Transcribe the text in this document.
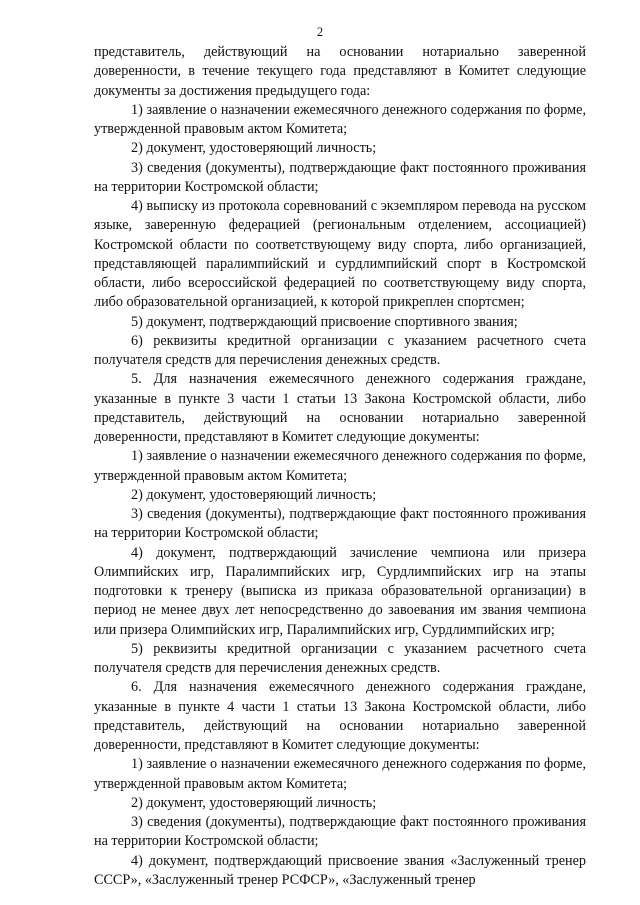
2

представитель, действующий на основании нотариально заверенной доверенности, в течение текущего года представляют в Комитет следующие документы за достижения предыдущего года:

1) заявление о назначении ежемесячного денежного содержания по форме, утвержденной правовым актом Комитета;

2) документ, удостоверяющий личность;

3) сведения (документы), подтверждающие факт постоянного проживания на территории Костромской области;

4) выписку из протокола соревнований с экземпляром перевода на русском языке, заверенную федерацией (региональным отделением, ассоциацией) Костромской области по соответствующему виду спорта, либо организацией, представляющей паралимпийский и сурдлимпийский спорт в Костромской области, либо всероссийской федерацией по соответствующему виду спорта, либо образовательной организацией, к которой прикреплен спортсмен;

5) документ, подтверждающий присвоение спортивного звания;

6) реквизиты кредитной организации с указанием расчетного счета получателя средств для перечисления денежных средств.

5. Для назначения ежемесячного денежного содержания граждане, указанные в пункте 3 части 1 статьи 13 Закона Костромской области, либо представитель, действующий на основании нотариально заверенной доверенности, представляют в Комитет следующие документы:

1) заявление о назначении ежемесячного денежного содержания по форме, утвержденной правовым актом Комитета;

2) документ, удостоверяющий личность;

3) сведения (документы), подтверждающие факт постоянного проживания на территории Костромской области;

4) документ, подтверждающий зачисление чемпиона или призера Олимпийских игр, Паралимпийских игр, Сурдлимпийских игр на этапы подготовки к тренеру (выписка из приказа образовательной организации) в период не менее двух лет непосредственно до завоевания им звания чемпиона или призера Олимпийских игр, Паралимпийских игр, Сурдлимпийских игр;

5) реквизиты кредитной организации с указанием расчетного счета получателя средств для перечисления денежных средств.

6. Для назначения ежемесячного денежного содержания граждане, указанные в пункте 4 части 1 статьи 13 Закона Костромской области, либо представитель, действующий на основании нотариально заверенной доверенности, представляют в Комитет следующие документы:

1) заявление о назначении ежемесячного денежного содержания по форме, утвержденной правовым актом Комитета;

2) документ, удостоверяющий личность;

3) сведения (документы), подтверждающие факт постоянного проживания на территории Костромской области;

4) документ, подтверждающий присвоение звания «Заслуженный тренер СССР», «Заслуженный тренер РСФСР», «Заслуженный тренер
